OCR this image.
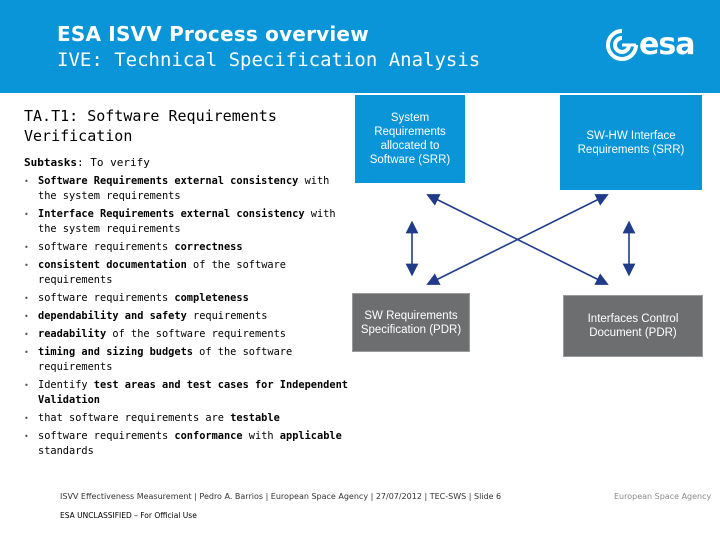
ESA ISVV Process overview
IVE: Technical Specification Analysis	esa
TA.T1: Software Requirements
Verification
Subtasks: To verify
• Software Requirements external consistency with the system requirements
• Interface Requirements external consistency with the system requirements
• software requirements correctness
• consistent documentation of the software requirements
• software requirements completeness
• dependability and safety requirements
• readability of the software requirements
• timing and sizing budgets of the software requirements
• Identify test areas and test cases for Independent Validation
• that software requirements are testable
• software requirements conformance with applicable standards
System Requirements allocated to Software (SRR)
SW-HW Interface Requirements (SRR)
SW Requirements Specification (PDR)
Interfaces Control Document (PDR)
ISVV Effectiveness Measurement | Pedro A. Barrios | European Space Agency | 27/07/2012 | TEC-SWS | Slide 6
ESA UNCLASSIFIED – For Official Use
European Space Agency
